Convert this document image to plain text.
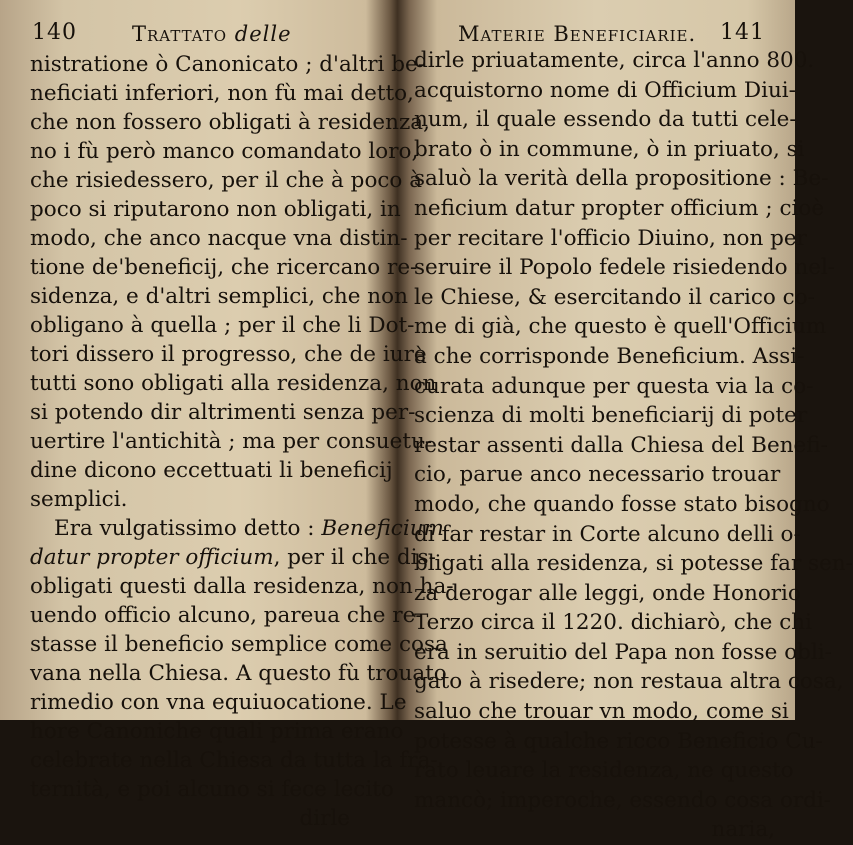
140	Trattato delle
nistratione ò Canonicato ; d'altri be-
neficiati inferiori, non fù mai detto,
che non fossero obligati à residenza,
no i fù però manco comandato loro,
che risiedessero, per il che à poco à
poco si riputarono non obligati, in
modo, che anco nacque vna distin-
tione de'beneficij, che ricercano re-
sidenza, e d'altri semplici, che non
obligano à quella ; per il che li Dot-
tori dissero il progresso, che de iure
tutti sono obligati alla residenza, non
si potendo dir altrimenti senza per-
uertire l'antichità ; ma per consuetu-
dine dicono eccettuati li beneficij
semplici.
Era vulgatissimo detto : Beneficium
datur propter officium, per il che dis-
obligati questi dalla residenza, non ha-
uendo officio alcuno, pareua che re-
stasse il beneficio semplice come cosa
vana nella Chiesa. A questo fù trouato
rimedio con vna equiuocatione. Le
hore Canoniche quali prima erano
celebrate nella Chiesa da tutta la fra-
ternità, e poi alcuno si fece lecito
dirle
Materie Beneficiarie. 141
dirle priuatamente, circa l'anno 800.
acquistorno nome di Officium Diui-
num, il quale essendo da tutti cele-
brato ò in commune, ò in priuato, si
saluò la verità della propositione : Be-
neficium datur propter officium ; cioè
per recitare l'officio Diuino, non per
seruire il Popolo fedele risiedendo nel-
le Chiese, & esercitando il carico co-
me di già, che questo è quell'Officium
à che corrisponde Beneficium. Assi-
curata adunque per questa via la co-
scienza di molti beneficiarij di poter
restar assenti dalla Chiesa del Benefi-
cio, parue anco necessario trouar
modo, che quando fosse stato bisogno
di far restar in Corte alcuno delli o-
bligati alla residenza, si potesse far sen-
za derogar alle leggi, onde Honorio
Terzo circa il 1220. dichiarò, che chi
era in seruitio del Papa non fosse obli-
gato à risedere; non restaua altra cosa,
saluo che trouar vn modo, come si
potesse à qualche ricco Beneficio Cu-
rato leuare la residenza, ne questo
mancò; imperoche, essendo cosa ordi-
naria,
